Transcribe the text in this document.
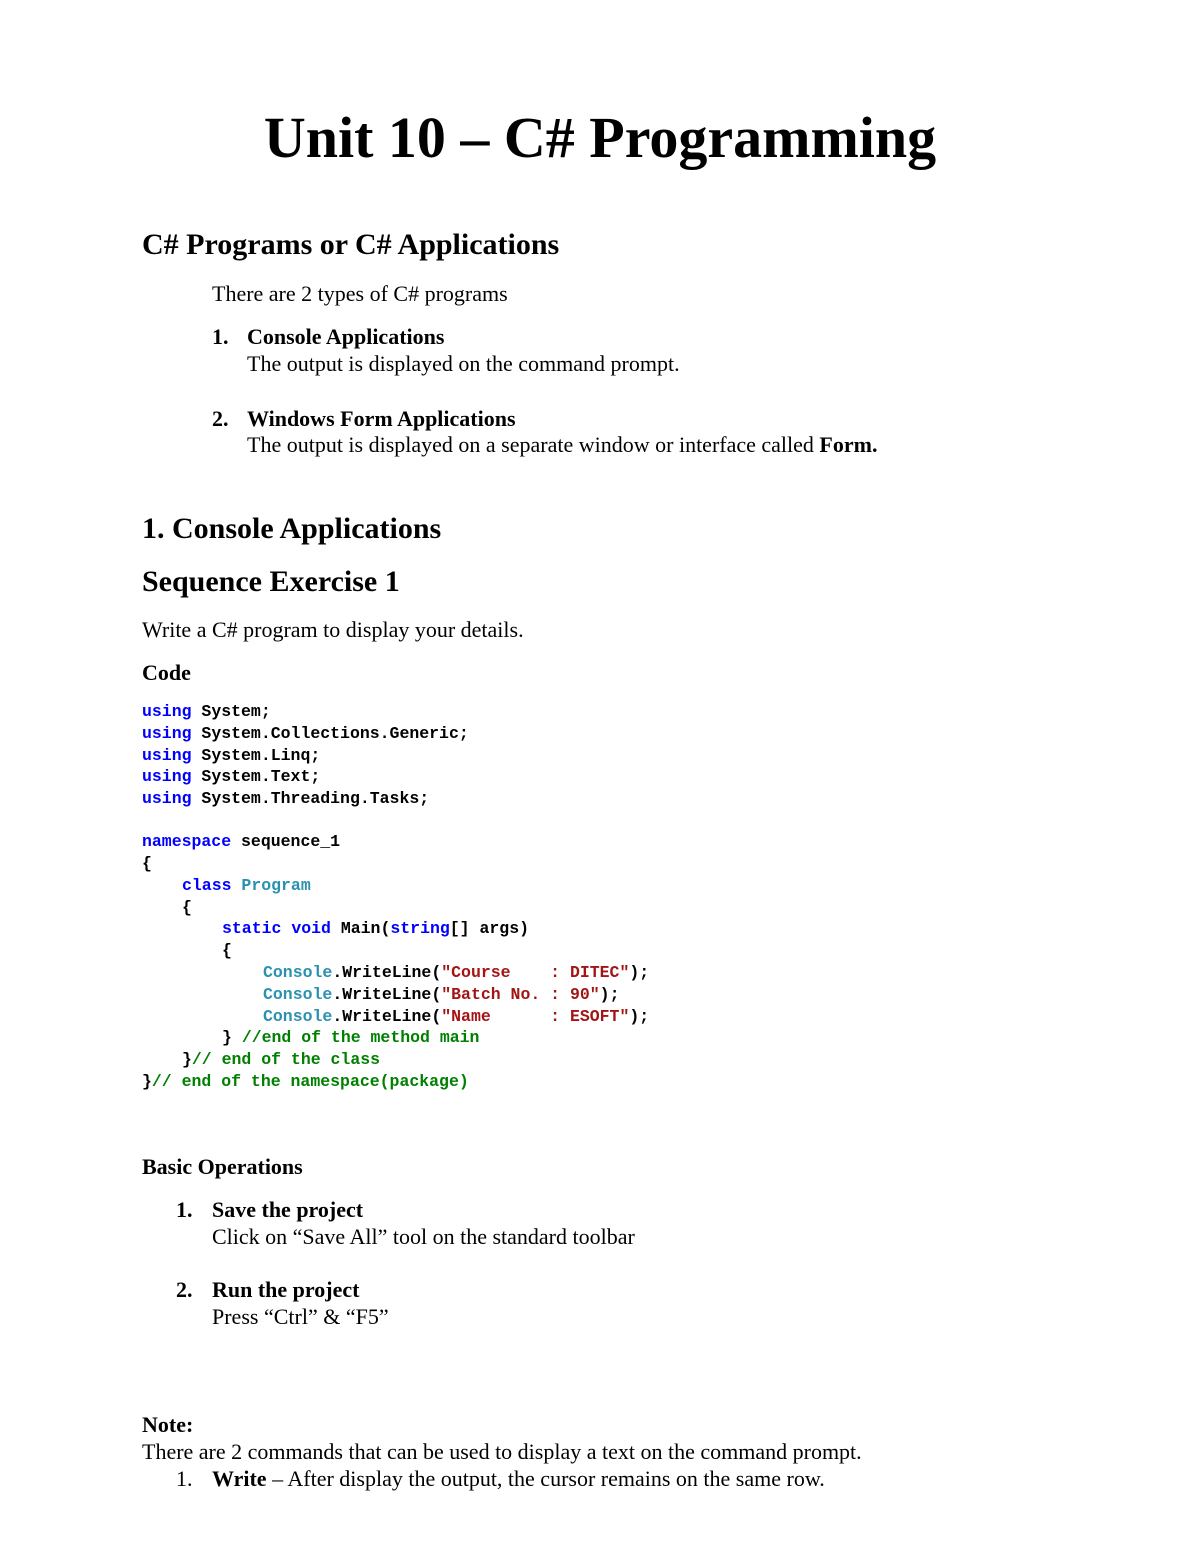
Unit 10 – C# Programming
C# Programs or C# Applications
There are 2 types of C# programs
1. Console Applications
The output is displayed on the command prompt.
2. Windows Form Applications
The output is displayed on a separate window or interface called Form.
1. Console Applications
Sequence Exercise 1
Write a C# program to display your details.
Code
using System;
using System.Collections.Generic;
using System.Linq;
using System.Text;
using System.Threading.Tasks;
namespace sequence_1
{
class Program
{
static void Main(string[] args)
{
Console.WriteLine("Course    : DITEC");
Console.WriteLine("Batch No. : 90");
Console.WriteLine("Name      : ESOFT");
} //end of the method main
}// end of the class
}// end of the namespace(package)
Basic Operations
1. Save the project
Click on “Save All” tool on the standard toolbar
2. Run the project
Press “Ctrl” & “F5”
Note:
There are 2 commands that can be used to display a text on the command prompt.
1. Write – After display the output, the cursor remains on the same row.
